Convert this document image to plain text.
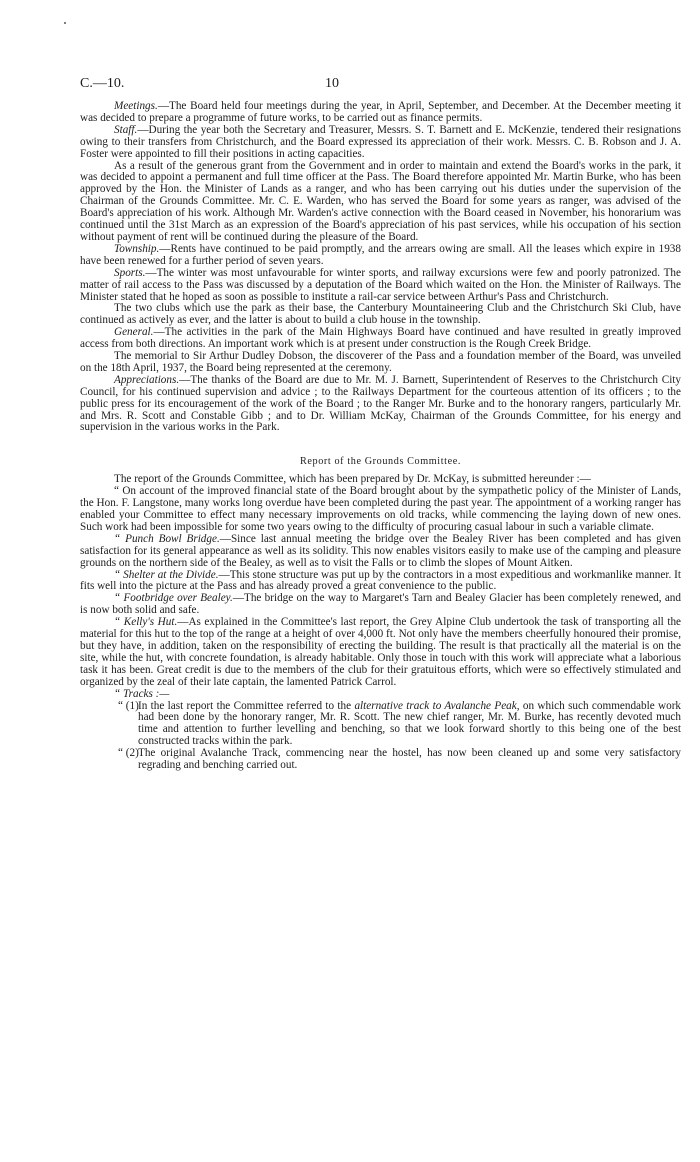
C.—10.	10

Meetings.—The Board held four meetings during the year, in April, September, and December. At the December meeting it was decided to prepare a programme of future works, to be carried out as finance permits.

Staff.—During the year both the Secretary and Treasurer, Messrs. S. T. Barnett and E. McKenzie, tendered their resignations owing to their transfers from Christchurch, and the Board expressed its appreciation of their work. Messrs. C. B. Robson and J. A. Foster were appointed to fill their positions in acting capacities.

As a result of the generous grant from the Government and in order to maintain and extend the Board's works in the park, it was decided to appoint a permanent and full time officer at the Pass. The Board therefore appointed Mr. Martin Burke, who has been approved by the Hon. the Minister of Lands as a ranger, and who has been carrying out his duties under the supervision of the Chairman of the Grounds Committee. Mr. C. E. Warden, who has served the Board for some years as ranger, was advised of the Board's appreciation of his work. Although Mr. Warden's active connection with the Board ceased in November, his honorarium was continued until the 31st March as an expression of the Board's appreciation of his past services, while his occupation of his section without payment of rent will be continued during the pleasure of the Board.

Township.—Rents have continued to be paid promptly, and the arrears owing are small. All the leases which expire in 1938 have been renewed for a further period of seven years.

Sports.—The winter was most unfavourable for winter sports, and railway excursions were few and poorly patronized. The matter of rail access to the Pass was discussed by a deputation of the Board which waited on the Hon. the Minister of Railways. The Minister stated that he hoped as soon as possible to institute a rail-car service between Arthur's Pass and Christchurch.

The two clubs which use the park as their base, the Canterbury Mountaineering Club and the Christchurch Ski Club, have continued as actively as ever, and the latter is about to build a club house in the township.

General.—The activities in the park of the Main Highways Board have continued and have resulted in greatly improved access from both directions. An important work which is at present under construction is the Rough Creek Bridge.

The memorial to Sir Arthur Dudley Dobson, the discoverer of the Pass and a foundation member of the Board, was unveiled on the 18th April, 1937, the Board being represented at the ceremony.

Appreciations.—The thanks of the Board are due to Mr. M. J. Barnett, Superintendent of Reserves to the Christchurch City Council, for his continued supervision and advice ; to the Railways Department for the courteous attention of its officers ; to the public press for its encouragement of the work of the Board ; to the Ranger Mr. Burke and to the honorary rangers, particularly Mr. and Mrs. R. Scott and Constable Gibb ; and to Dr. William McKay, Chairman of the Grounds Committee, for his energy and supervision in the various works in the Park.

Report of the Grounds Committee.

The report of the Grounds Committee, which has been prepared by Dr. McKay, is submitted hereunder :—

“ On account of the improved financial state of the Board brought about by the sympathetic policy of the Minister of Lands, the Hon. F. Langstone, many works long overdue have been completed during the past year. The appointment of a working ranger has enabled your Committee to effect many necessary improvements on old tracks, while commencing the laying down of new ones. Such work had been impossible for some two years owing to the difficulty of procuring casual labour in such a variable climate.

“ Punch Bowl Bridge.—Since last annual meeting the bridge over the Bealey River has been completed and has given satisfaction for its general appearance as well as its solidity. This now enables visitors easily to make use of the camping and pleasure grounds on the northern side of the Bealey, as well as to visit the Falls or to climb the slopes of Mount Aitken.

“ Shelter at the Divide.—This stone structure was put up by the contractors in a most expeditious and workmanlike manner. It fits well into the picture at the Pass and has already proved a great convenience to the public.

“ Footbridge over Bealey.—The bridge on the way to Margaret's Tarn and Bealey Glacier has been completely renewed, and is now both solid and safe.

“ Kelly's Hut.—As explained in the Committee's last report, the Grey Alpine Club undertook the task of transporting all the material for this hut to the top of the range at a height of over 4,000 ft. Not only have the members cheerfully honoured their promise, but they have, in addition, taken on the responsibility of erecting the building. The result is that practically all the material is on the site, while the hut, with concrete foundation, is already habitable. Only those in touch with this work will appreciate what a laborious task it has been. Great credit is due to the members of the club for their gratuitous efforts, which were so effectively stimulated and organized by the zeal of their late captain, the lamented Patrick Carrol.

“ Tracks :—

“ (1) In the last report the Committee referred to the alternative track to Avalanche Peak, on which such commendable work had been done by the honorary ranger, Mr. R. Scott. The new chief ranger, Mr. M. Burke, has recently devoted much time and attention to further levelling and benching, so that we look forward shortly to this being one of the best constructed tracks within the park.
“ (2) The original Avalanche Track, commencing near the hostel, has now been cleaned up and some very satisfactory regrading and benching carried out.
